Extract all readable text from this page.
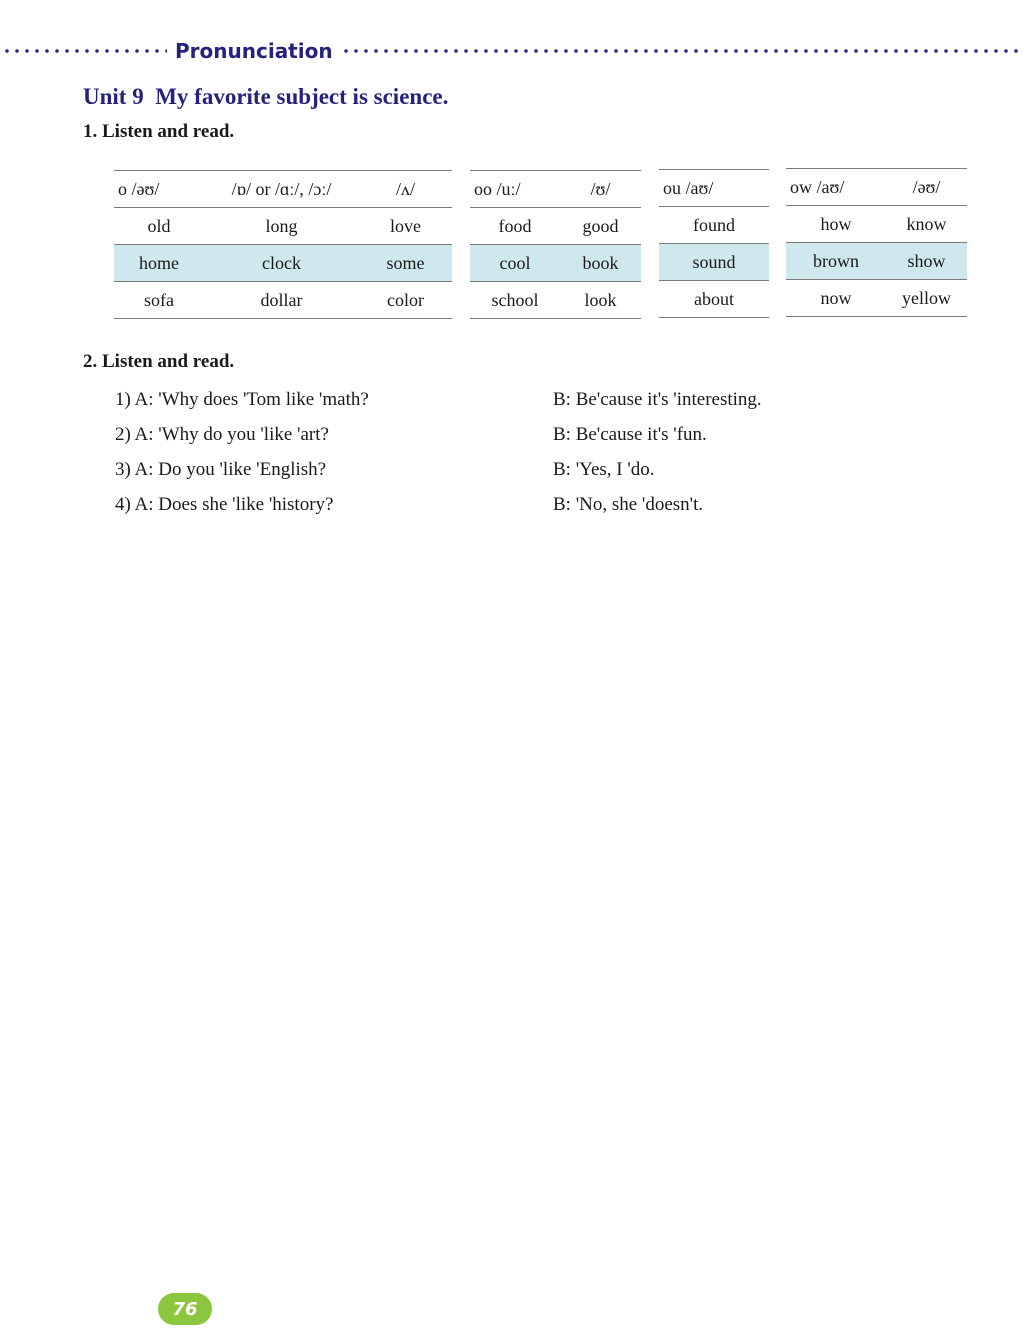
Pronunciation
Unit 9  My favorite subject is science.
1. Listen and read.
o /əʊ/	/ɒ/ or /ɑː/, /ɔː/	/ʌ/
old	long	love
home	clock	some
sofa	dollar	color
oo /uː/	/ʊ/
food	good
cool	book
school	look
ou /aʊ/
found
sound
about
ow /aʊ/	/əʊ/
how	know
brown	show
now	yellow
2. Listen and read.
1) A: 'Why does 'Tom like 'math?	B: Be'cause it's 'interesting.
2) A: 'Why do you 'like 'art?	B: Be'cause it's 'fun.
3) A: Do you 'like 'English?	B: 'Yes, I 'do.
4) A: Does she 'like 'history?	B: 'No, she 'doesn't.
76
